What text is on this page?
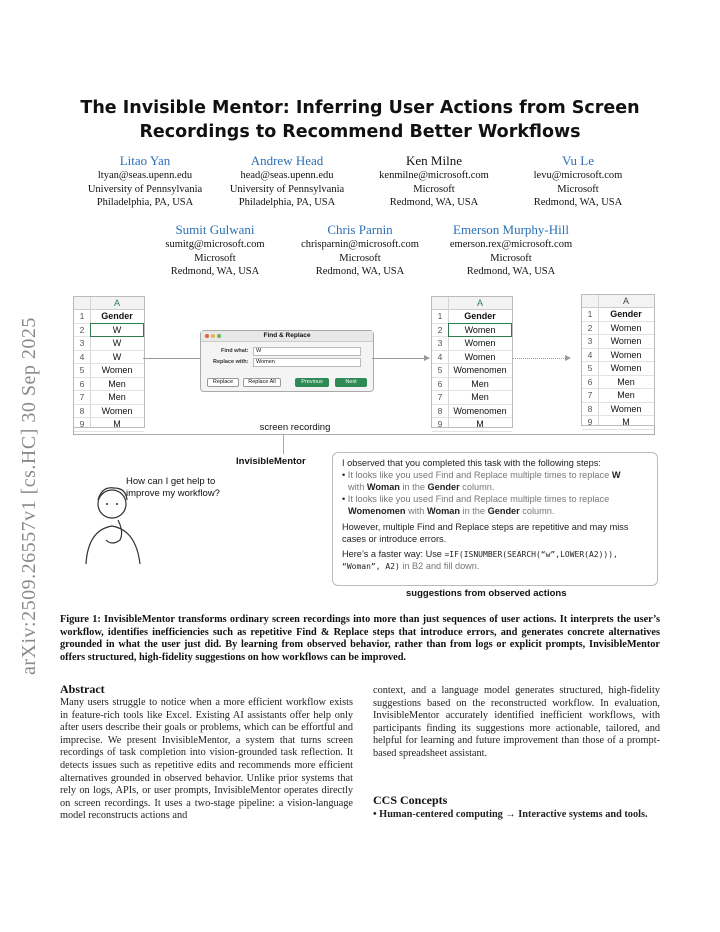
arXiv:2509.26557v1 [cs.HC] 30 Sep 2025
The Invisible Mentor: Inferring User Actions from Screen
Recordings to Recommend Better Workflows
Litao Yan
ltyan@seas.upenn.edu
University of Pennsylvania
Philadelphia, PA, USA
Andrew Head
head@seas.upenn.edu
University of Pennsylvania
Philadelphia, PA, USA
Ken Milne
kenmilne@microsoft.com
Microsoft
Redmond, WA, USA
Vu Le
levu@microsoft.com
Microsoft
Redmond, WA, USA
Sumit Gulwani
sumitg@microsoft.com
Microsoft
Redmond, WA, USA
Chris Parnin
chrisparnin@microsoft.com
Microsoft
Redmond, WA, USA
Emerson Murphy-Hill
emerson.rex@microsoft.com
Microsoft
Redmond, WA, USA
screen recording
A
1	Gender
2	W
3	W
4	W
5	Women
6	Men
7	Men
8	Women
9	M
Find & Replace
Find what:	W
Replace with:	Women
Replace	Replace All	Previous	Next
A
1	Gender
2	Women
3	Women
4	Women
5	Womenomen
6	Men
7	Men
8	Womenomen
9	M
A
1	Gender
2	Women
3	Women
4	Women
5	Women
6	Men
7	Men
8	Women
9	M
InvisibleMentor
How can I get help to improve my workflow?

I observed that you completed this task with the following steps:

• It looks like you used Find and Replace multiple times to replace W
with Woman in the Gender column.

• It looks like you used Find and Replace multiple times to replace
Womenomen with Woman in the Gender column.

However, multiple Find and Replace steps are repetitive and may miss cases or introduce errors.

Here’s a faster way: Use =IF(ISNUMBER(SEARCH(“w”,LOWER(A2))),
“Woman”, A2) in B2 and fill down.

suggestions from observed actions
Figure 1: InvisibleMentor transforms ordinary screen recordings into more than just sequences of user actions. It interprets the user’s workflow, identifies inefficiencies such as repetitive Find & Replace steps that introduce errors, and generates concrete alternatives grounded in what the user just did. By learning from observed behavior, rather than from logs or explicit prompts, InvisibleMentor offers structured, high-fidelity suggestions on how workflows can be improved.
Abstract
Many users struggle to notice when a more efficient workflow exists in feature-rich tools like Excel. Existing AI assistants offer help only after users describe their goals or problems, which can be effortful and imprecise. We present InvisibleMentor, a system that turns screen recordings of task completion into vision-grounded task reflection. It detects issues such as repetitive edits and recommends more efficient alternatives grounded in observed behavior. Unlike prior systems that rely on logs, APIs, or user prompts, InvisibleMentor operates directly on screen recordings. It uses a two-stage pipeline: a vision-language model reconstructs actions and
context, and a language model generates structured, high-fidelity suggestions based on the reconstructed workflow. In evaluation, InvisibleMentor accurately identified inefficient workflows, with participants finding its suggestions more actionable, tailored, and helpful for learning and future improvement than those of a prompt-based spreadsheet assistant.
CCS Concepts
• Human-centered computing → Interactive systems and tools.
